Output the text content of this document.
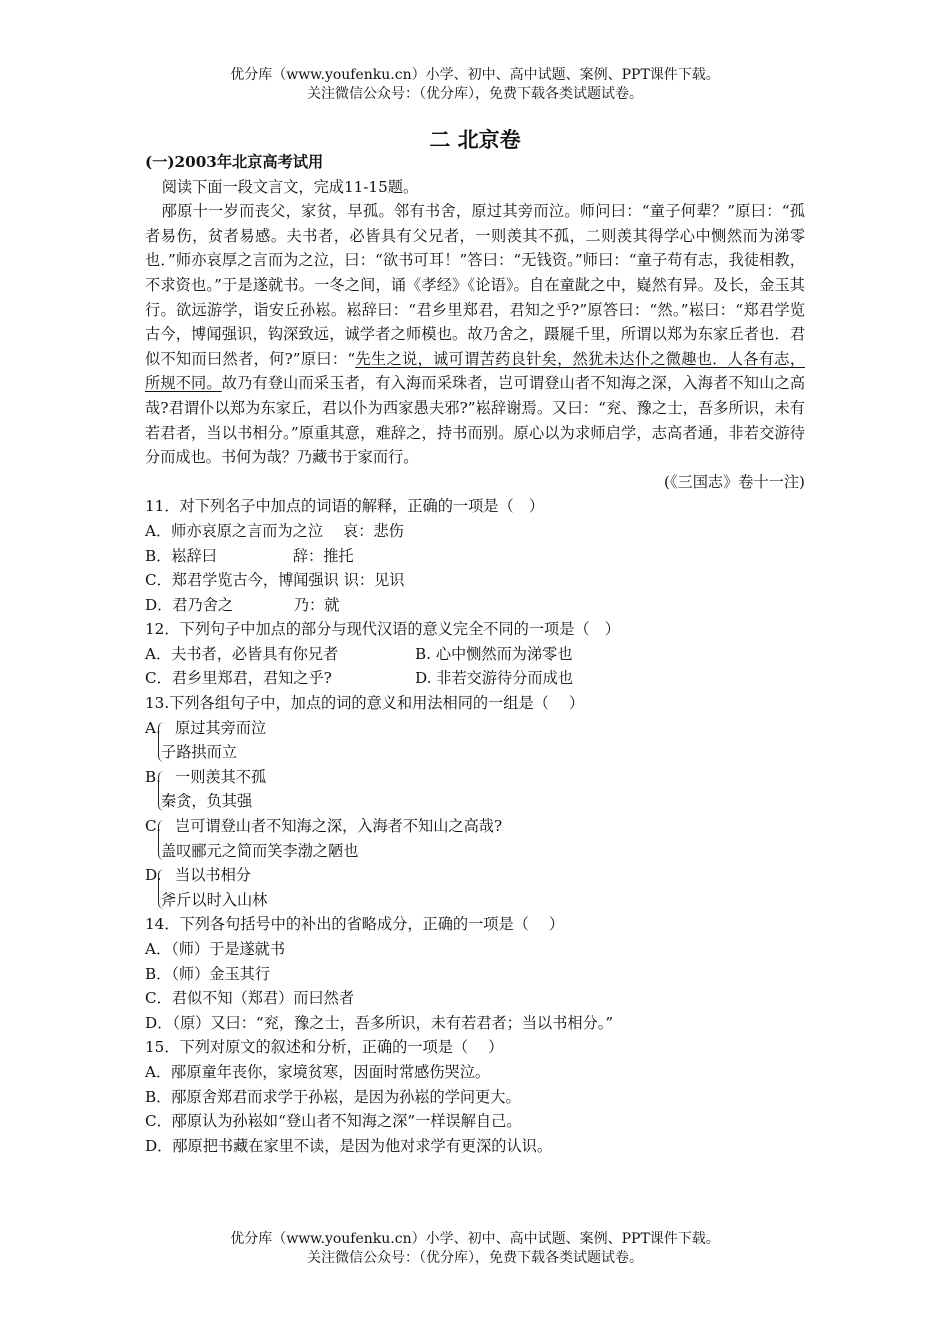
优分库（www.youfenku.cn）小学、初中、高中试题、案例、PPT课件下载。
关注微信公众号：（优分库），免费下载各类试题试卷。
二 北京卷

(一)2003年北京高考试用

阅读下面一段文言文，完成11-15题。

邴原十一岁而丧父，家贫，早孤。邻有书舍，原过其旁而泣。师问曰：“童子何辈？”原曰：“孤者易伤，贫者易感。夫书者，必皆具有父兄者，一则羡其不孤，二则羡其得学心中恻然而为涕零也．”师亦哀厚之言而为之泣，曰：“欲书可耳！”答曰：“无钱资。”师曰：“童子苟有志，我徒相教，不求资也。”于是遂就书。一冬之间，诵《孝经》《论语》。自在童龀之中，嶷然有异。及长，金玉其行。欲远游学，诣安丘孙崧。崧辞曰：“君乡里郑君，君知之乎?”原答曰：“然。”崧曰：“郑君学览古今，博闻强识，钩深致远，诚学者之师模也。故乃舍之，蹑屣千里，所谓以郑为东家丘者也．君似不知而曰然者，何?”原曰：“先生之说，诚可谓苦药良针矣，然犹未达仆之微趣也．人各有志，所规不同。故乃有登山而采玉者，有入海而采珠者，岂可谓登山者不知海之深，入海者不知山之高哉?君谓仆以郑为东家丘，君以仆为西家愚夫邪?”崧辞谢焉。又曰：“兖、豫之士，吾多所识，未有若君者，当以书相分。”原重其意，难辞之，持书而别。原心以为求师启学，志高者通，非若交游待分而成也。书何为哉？乃藏书于家而行。

(《三国志》卷十一注)

11．对下列名子中加点的词语的解释，正确的一项是（　）

A．师亦哀原之言而为之泣　 哀：悲伤

B．崧辞曰　　　　　辞：推托

C．郑君学览古今，博闻强识 识：见识

D．君乃舍之　　　　乃：就

12．下列句子中加点的部分与现代汉语的意义完全不同的一项是（　）

A．夫书者，必皆具有你兄者	B. 心中恻然而为涕零也

C．君乡里郑君，君知之乎?	D. 非若交游待分而成也

13.下列各组句子中，加点的词的意义和用法相同的一组是（　 ）

A. 原过其旁而泣

子路拱而立

B. 一则羡其不孤

秦贪，负其强

C. 岂可谓登山者不知海之深，入海者不知山之高哉?

盖叹郦元之简而笑李渤之陋也

D. 当以书相分

斧斤以时入山林

14．下列各句括号中的补出的省略成分，正确的一项是（　 ）

A．（师）于是遂就书

B．（师）金玉其行

C．君似不知（郑君）而曰然者

D．（原）又曰：“兖，豫之士，吾多所识，未有若君者；当以书相分。”

15．下列对原文的叙述和分析，正确的一项是（　 ）

A．邴原童年丧你，家境贫寒，因面时常感伤哭泣。

B．邴原舍郑君而求学于孙崧，是因为孙崧的学问更大。

C．邴原认为孙崧如“登山者不知海之深”一样误解自己。

D．邴原把书藏在家里不读，是因为他对求学有更深的认识。

优分库（www.youfenku.cn）小学、初中、高中试题、案例、PPT课件下载。
关注微信公众号：（优分库），免费下载各类试题试卷。
